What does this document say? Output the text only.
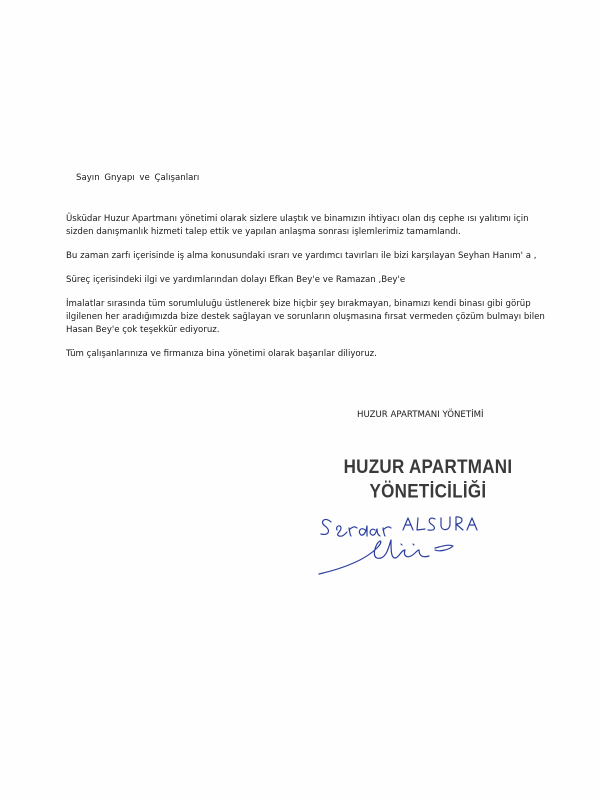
Sayın Gnyapı ve Çalışanları

Üsküdar Huzur Apartmanı yönetimi olarak sizlere ulaştık ve binamızın ihtiyacı olan dış cephe ısı yalıtımı için sizden danışmanlık hizmeti talep ettik ve yapılan anlaşma sonrası işlemlerimiz tamamlandı.

Bu zaman zarfı içerisinde iş alma konusundaki ısrarı ve yardımcı tavırları ile bizi karşılayan Seyhan Hanım' a ,

Süreç içerisindeki ilgi ve yardımlarından dolayı Efkan Bey'e ve Ramazan ,Bey'e

İmalatlar sırasında tüm sorumluluğu üstlenerek bize hiçbir şey bırakmayan, binamızı kendi binası gibi görüp ilgilenen her aradığımızda bize destek sağlayan ve sorunların oluşmasına fırsat vermeden çözüm bulmayı bilen Hasan Bey'e çok teşekkür ediyoruz.

Tüm çalışanlarınıza ve firmanıza bina yönetimi olarak başarılar diliyoruz.

HUZUR APARTMANI YÖNETİMİ
HUZUR APARTMANI
YÖNETİCİLİĞİ
